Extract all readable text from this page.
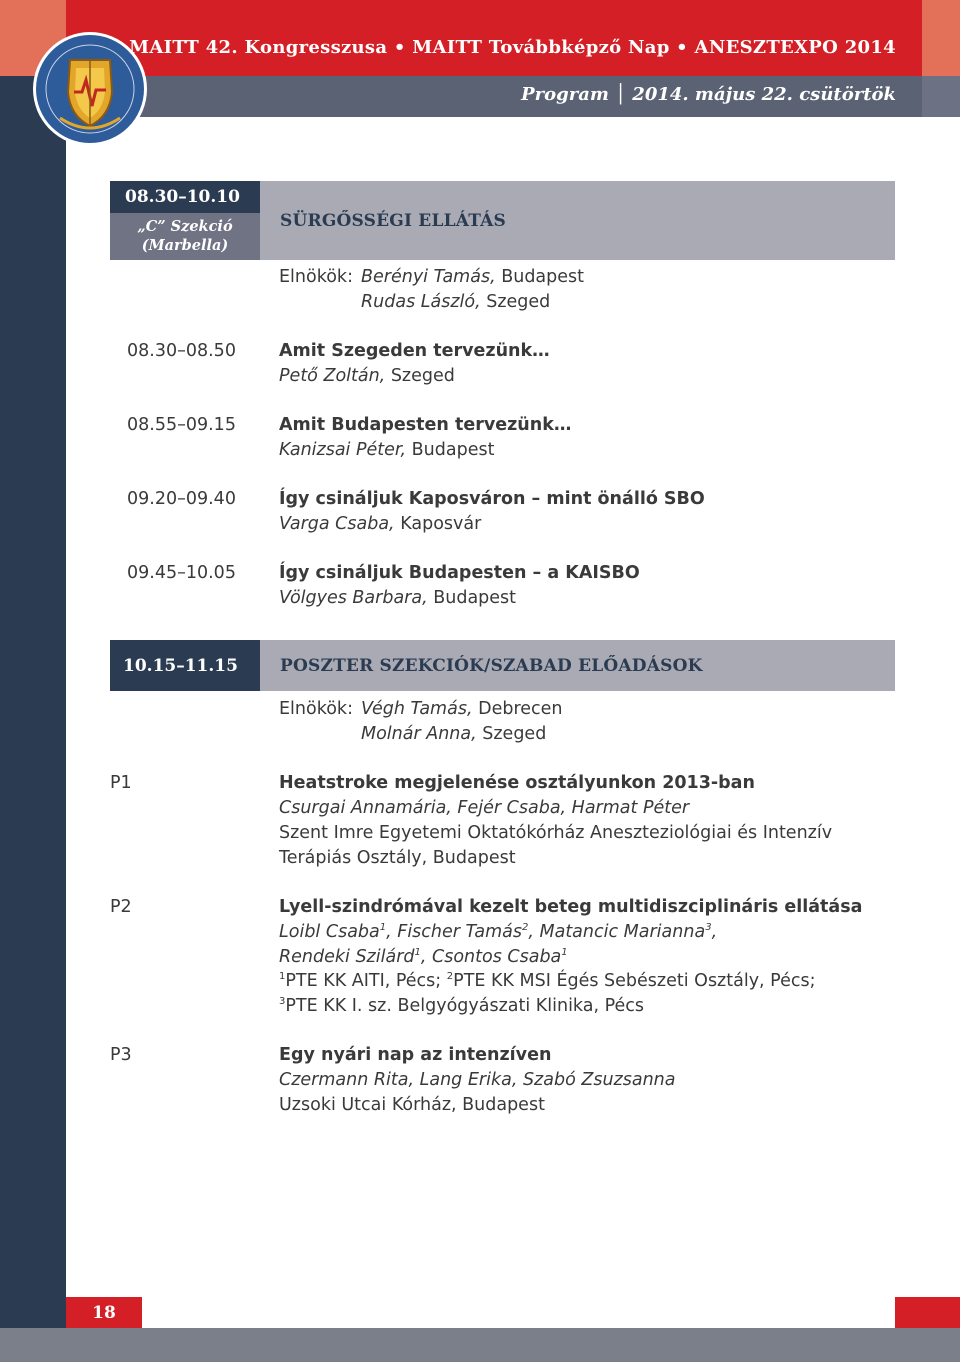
MAITT 42. Kongresszusa • MAITT Továbbképző Nap • ANESZTEXPO 2014
Program │ 2014. május 22. csütörtök
08.30–10.10
„C” Szekció
(Marbella)
SÜRGŐSSÉGI ELLÁTÁS
Elnökök: Berényi Tamás, Budapest
Rudas László, Szeged
08.30–08.50 Amit Szegeden tervezünk…
Pető Zoltán, Szeged
08.55–09.15 Amit Budapesten tervezünk…
Kanizsai Péter, Budapest
09.20–09.40 Így csináljuk Kaposváron – mint önálló SBO
Varga Csaba, Kaposvár
09.45–10.05 Így csináljuk Budapesten – a KAISBO
Völgyes Barbara, Budapest
10.15–11.15 POSZTER SZEKCIÓK/SZABAD ELŐADÁSOK
Elnökök: Végh Tamás, Debrecen
Molnár Anna, Szeged
P1	Heatstroke megjelenése osztályunkon 2013-ban
Csurgai Annamária, Fejér Csaba, Harmat Péter
Szent Imre Egyetemi Oktatókórház Aneszteziológiai és Intenzív
Terápiás Osztály, Budapest
P2	Lyell-szindrómával kezelt beteg multidiszciplináris ellátása
Loibl Csaba$^1$, Fischer Tamás$^2$, Matancic Marianna$^3$,
Rendeki Szilárd$^1$, Csontos Csaba$^1$
$^1$PTE KK AITI, Pécs; $^2$PTE KK MSI Égés Sebészeti Osztály, Pécs;
$^3$PTE KK I. sz. Belgyógyászati Klinika, Pécs
P3	Egy nyári nap az intenzíven
Czermann Rita, Lang Erika, Szabó Zsuzsanna
Uzsoki Utcai Kórház, Budapest
18
